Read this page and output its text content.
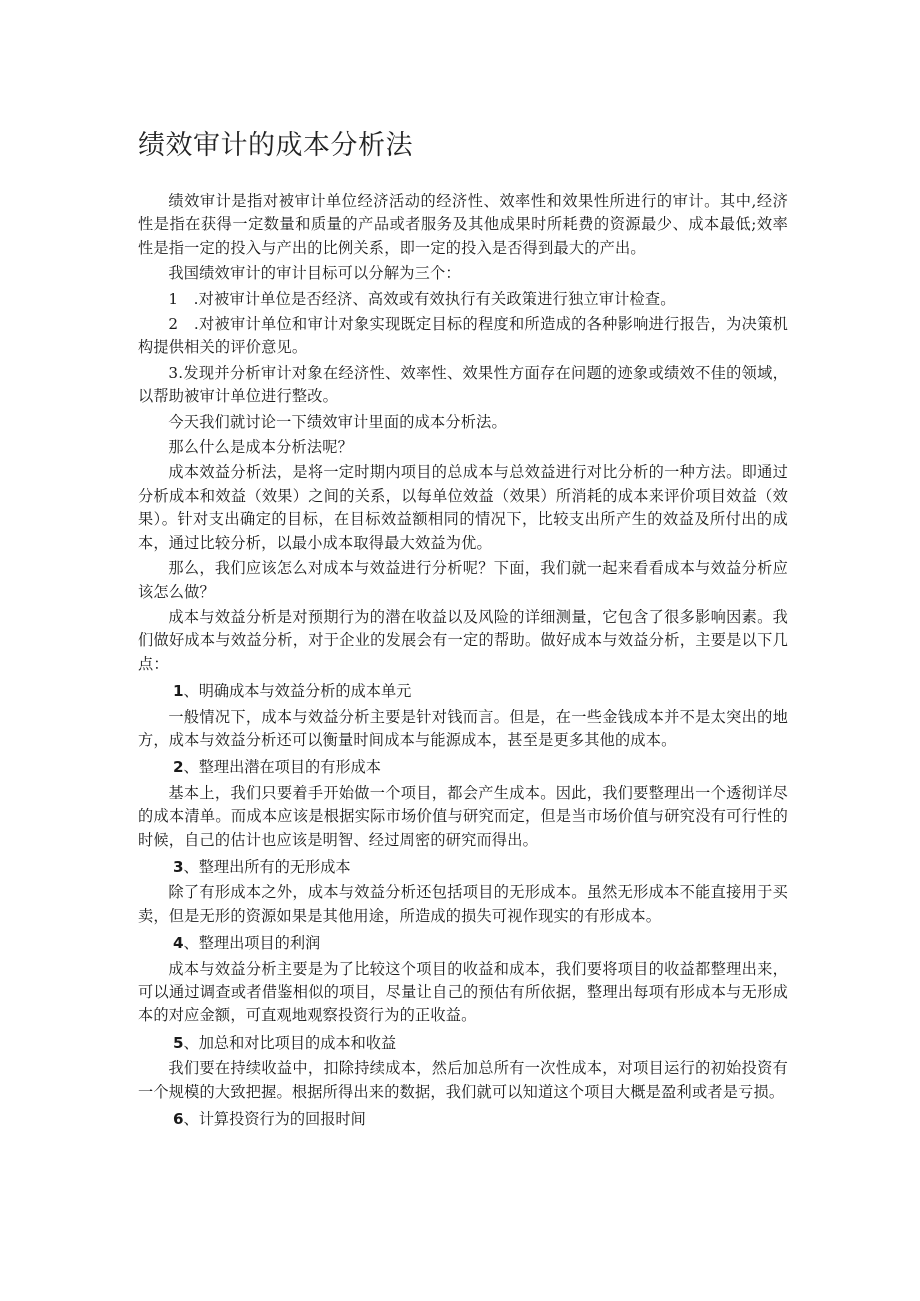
绩效审计的成本分析法

绩效审计是指对被审计单位经济活动的经济性、效率性和效果性所进行的审计。其中,经济性是指在获得一定数量和质量的产品或者服务及其他成果时所耗费的资源最少、成本最低;效率性是指一定的投入与产出的比例关系，即一定的投入是否得到最大的产出。

我国绩效审计的审计目标可以分解为三个：

1　.对被审计单位是否经济、高效或有效执行有关政策进行独立审计检查。

2　.对被审计单位和审计对象实现既定目标的程度和所造成的各种影响进行报告，为决策机构提供相关的评价意见。

3.发现并分析审计对象在经济性、效率性、效果性方面存在问题的迹象或绩效不佳的领域，以帮助被审计单位进行整改。

今天我们就讨论一下绩效审计里面的成本分析法。

那么什么是成本分析法呢？

成本效益分析法，是将一定时期内项目的总成本与总效益进行对比分析的一种方法。即通过分析成本和效益（效果）之间的关系，以每单位效益（效果）所消耗的成本来评价项目效益（效果）。针对支出确定的目标，在目标效益额相同的情况下，比较支出所产生的效益及所付出的成本，通过比较分析，以最小成本取得最大效益为优。

那么，我们应该怎么对成本与效益进行分析呢？下面，我们就一起来看看成本与效益分析应该怎么做？

成本与效益分析是对预期行为的潜在收益以及风险的详细测量，它包含了很多影响因素。我们做好成本与效益分析，对于企业的发展会有一定的帮助。做好成本与效益分析，主要是以下几点：

1、明确成本与效益分析的成本单元

一般情况下，成本与效益分析主要是针对钱而言。但是，在一些金钱成本并不是太突出的地方，成本与效益分析还可以衡量时间成本与能源成本，甚至是更多其他的成本。

2、整理出潜在项目的有形成本

基本上，我们只要着手开始做一个项目，都会产生成本。因此，我们要整理出一个透彻详尽的成本清单。而成本应该是根据实际市场价值与研究而定，但是当市场价值与研究没有可行性的时候，自己的估计也应该是明智、经过周密的研究而得出。

3、整理出所有的无形成本

除了有形成本之外，成本与效益分析还包括项目的无形成本。虽然无形成本不能直接用于买卖，但是无形的资源如果是其他用途，所造成的损失可视作现实的有形成本。

4、整理出项目的利润

成本与效益分析主要是为了比较这个项目的收益和成本，我们要将项目的收益都整理出来，可以通过调查或者借鉴相似的项目，尽量让自己的预估有所依据，整理出每项有形成本与无形成本的对应金额，可直观地观察投资行为的正收益。

5、加总和对比项目的成本和收益

我们要在持续收益中，扣除持续成本，然后加总所有一次性成本，对项目运行的初始投资有一个规模的大致把握。根据所得出来的数据，我们就可以知道这个项目大概是盈利或者是亏损。

6、计算投资行为的回报时间
